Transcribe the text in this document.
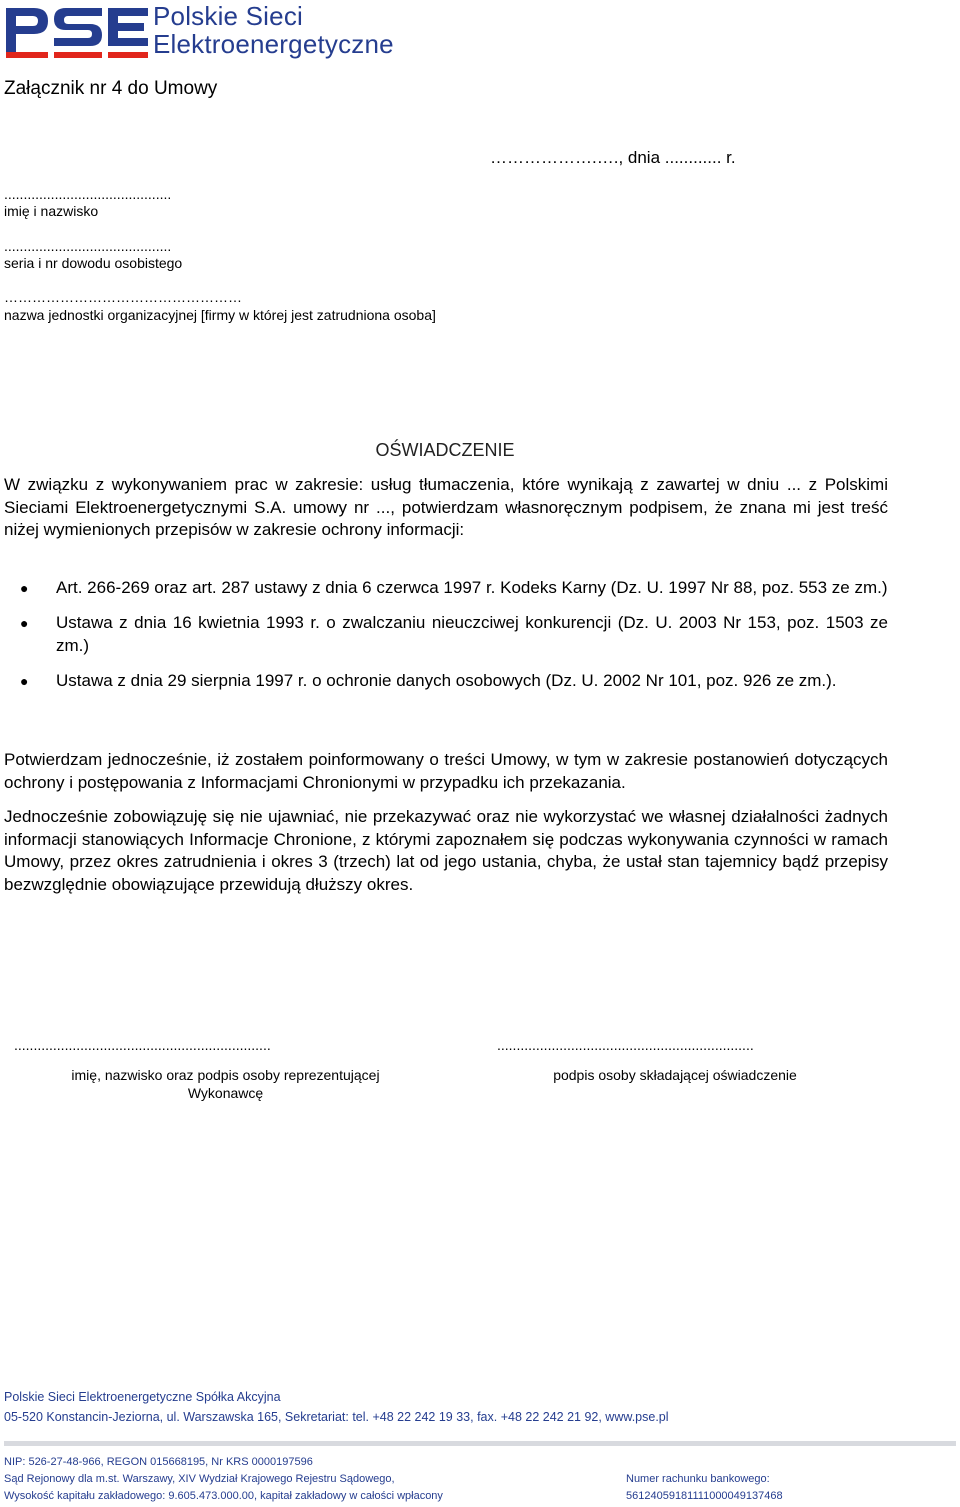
Polskie Sieci
Elektroenergetyczne
Załącznik nr 4 do Umowy
……………….…., dnia ............ r.
...........................................
imię i nazwisko
...........................................
seria i nr dowodu osobistego
……………………………………………
nazwa jednostki organizacyjnej [firmy w której jest zatrudniona osoba]
OŚWIADCZENIE
W związku z wykonywaniem prac w zakresie: usług tłumaczenia, które wynikają z zawartej w dniu ... z Polskimi Sieciami Elektroenergetycznymi S.A. umowy nr ..., potwierdzam własnoręcznym podpisem, że znana mi jest treść niżej wymienionych przepisów w zakresie ochrony informacji:
● Art. 266-269 oraz art. 287 ustawy z dnia 6 czerwca 1997 r. Kodeks Karny (Dz. U. 1997 Nr 88, poz. 553 ze zm.)
● Ustawa z dnia 16 kwietnia 1993 r. o zwalczaniu nieuczciwej konkurencji (Dz. U. 2003 Nr 153, poz. 1503 ze zm.)
● Ustawa z dnia 29 sierpnia 1997 r. o ochronie danych osobowych (Dz. U. 2002 Nr 101, poz. 926 ze zm.).
Potwierdzam jednocześnie, iż zostałem poinformowany o treści Umowy, w tym w zakresie postanowień dotyczących ochrony i postępowania z Informacjami Chronionymi w przypadku ich przekazania.
Jednocześnie zobowiązuję się nie ujawniać, nie przekazywać oraz nie wykorzystać we własnej działalności żadnych informacji stanowiących Informacje Chronione, z którymi zapoznałem się podczas wykonywania czynności w ramach Umowy, przez okres zatrudnienia i okres 3 (trzech) lat od jego ustania, chyba, że ustał stan tajemnicy bądź przepisy bezwzględnie obowiązujące przewidują dłuższy okres.
..................................................................
imię, nazwisko oraz podpis osoby reprezentującej Wykonawcę
..................................................................
podpis osoby składającej oświadczenie
Polskie Sieci Elektroenergetyczne Spółka Akcyjna
05-520 Konstancin-Jeziorna, ul. Warszawska 165, Sekretariat: tel. +48 22 242 19 33, fax. +48 22 242 21 92, www.pse.pl
NIP: 526-27-48-966, REGON 015668195, Nr KRS 0000197596
Sąd Rejonowy dla m.st. Warszawy, XIV Wydział Krajowego Rejestru Sądowego,
Wysokość kapitału zakładowego: 9.605.473.000.00, kapitał zakładowy w całości wpłacony
Numer rachunku bankowego:
56124059181111000049137468
